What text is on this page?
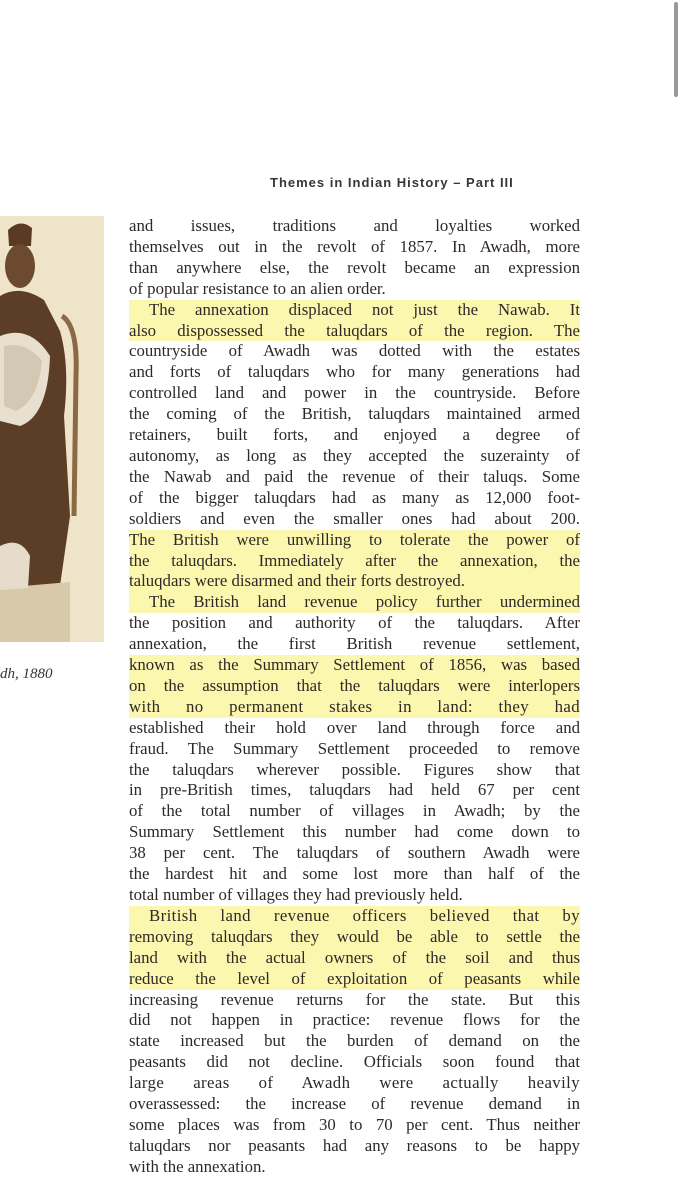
Themes in Indian History – Part III
dh, 1880

and issues, traditions and loyalties worked
themselves out in the revolt of 1857. In Awadh, more
than anywhere else, the revolt became an expression
of popular resistance to an alien order.

The annexation displaced not just the Nawab. It
also dispossessed the taluqdars of the region. The
countryside of Awadh was dotted with the estates
and forts of taluqdars who for many generations had
controlled land and power in the countryside. Before
the coming of the British, taluqdars maintained armed
retainers, built forts, and enjoyed a degree of
autonomy, as long as they accepted the suzerainty of
the Nawab and paid the revenue of their taluqs. Some
of the bigger taluqdars had as many as 12,000 foot-
soldiers and even the smaller ones had about 200.
The British were unwilling to tolerate the power of
the taluqdars. Immediately after the annexation, the
taluqdars were disarmed and their forts destroyed.

The British land revenue policy further undermined
the position and authority of the taluqdars. After
annexation, the first British revenue settlement,
known as the Summary Settlement of 1856, was based
on the assumption that the taluqdars were interlopers
with no permanent stakes in land: they had
established their hold over land through force and
fraud. The Summary Settlement proceeded to remove
the taluqdars wherever possible. Figures show that
in pre-British times, taluqdars had held 67 per cent
of the total number of villages in Awadh; by the
Summary Settlement this number had come down to
38 per cent. The taluqdars of southern Awadh were
the hardest hit and some lost more than half of the
total number of villages they had previously held.

British land revenue officers believed that by
removing taluqdars they would be able to settle the
land with the actual owners of the soil and thus
reduce the level of exploitation of peasants while
increasing revenue returns for the state. But this
did not happen in practice: revenue flows for the
state increased but the burden of demand on the
peasants did not decline. Officials soon found that
large areas of Awadh were actually heavily
overassessed: the increase of revenue demand in
some places was from 30 to 70 per cent. Thus neither
taluqdars nor peasants had any reasons to be happy
with the annexation.
